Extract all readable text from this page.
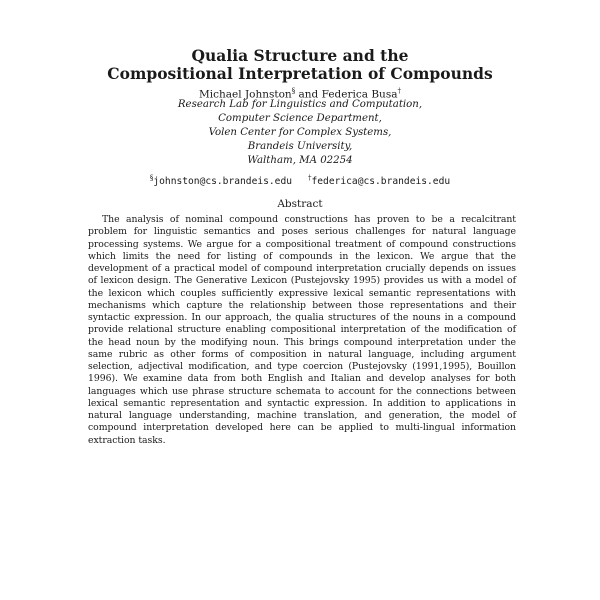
Qualia Structure and the
Compositional Interpretation of Compounds
Michael Johnston§ and Federica Busa†
Research Lab for Linguistics and Computation,
Computer Science Department,
Volen Center for Complex Systems,
Brandeis University,
Waltham, MA 02254
§johnston@cs.brandeis.edu †federica@cs.brandeis.edu
Abstract
The analysis of nominal compound constructions has proven to be a recalcitrant problem for linguistic semantics and poses serious challenges for natural language processing systems. We argue for a compositional treatment of compound constructions which limits the need for listing of compounds in the lexicon. We argue that the development of a practical model of compound interpretation crucially depends on issues of lexicon design. The Generative Lexicon (Pustejovsky 1995) provides us with a model of the lexicon which couples sufficiently expressive lexical semantic representations with mechanisms which capture the relationship between those representations and their syntactic expression. In our approach, the qualia structures of the nouns in a compound provide relational structure enabling compositional interpretation of the modification of the head noun by the modifying noun. This brings compound interpretation under the same rubric as other forms of composition in natural language, including argument selection, adjectival modification, and type coercion (Pustejovsky (1991,1995), Bouillon 1996). We examine data from both English and Italian and develop analyses for both languages which use phrase structure schemata to account for the connections between lexical semantic representation and syntactic expression. In addition to applications in natural language understanding, machine translation, and generation, the model of compound interpretation developed here can be applied to multi-lingual information extraction tasks.
